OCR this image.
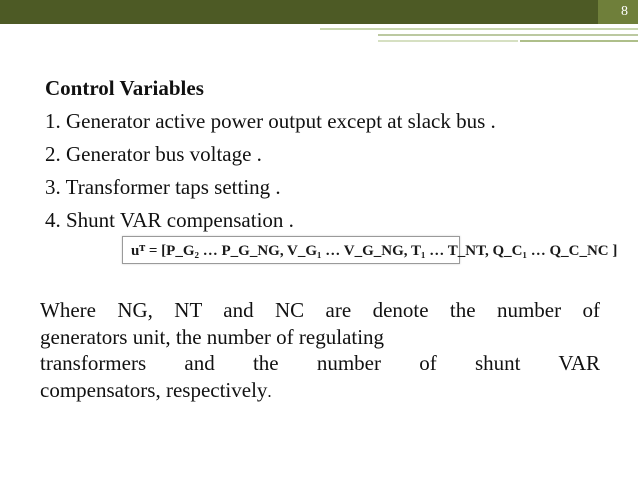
8
Control Variables
1. Generator active power output except at slack bus .
2. Generator bus voltage .
3. Transformer taps setting .
4. Shunt VAR compensation .
uᵀ = [P_G₂ … P_G_NG, V_G₁ … V_G_NG, T₁ … T_NT, Q_C₁ … Q_C_NC ]
Where NG, NT and NC are denote the number of
generators unit, the number of regulating
transformers and the number of shunt VAR
compensators, respectively.
